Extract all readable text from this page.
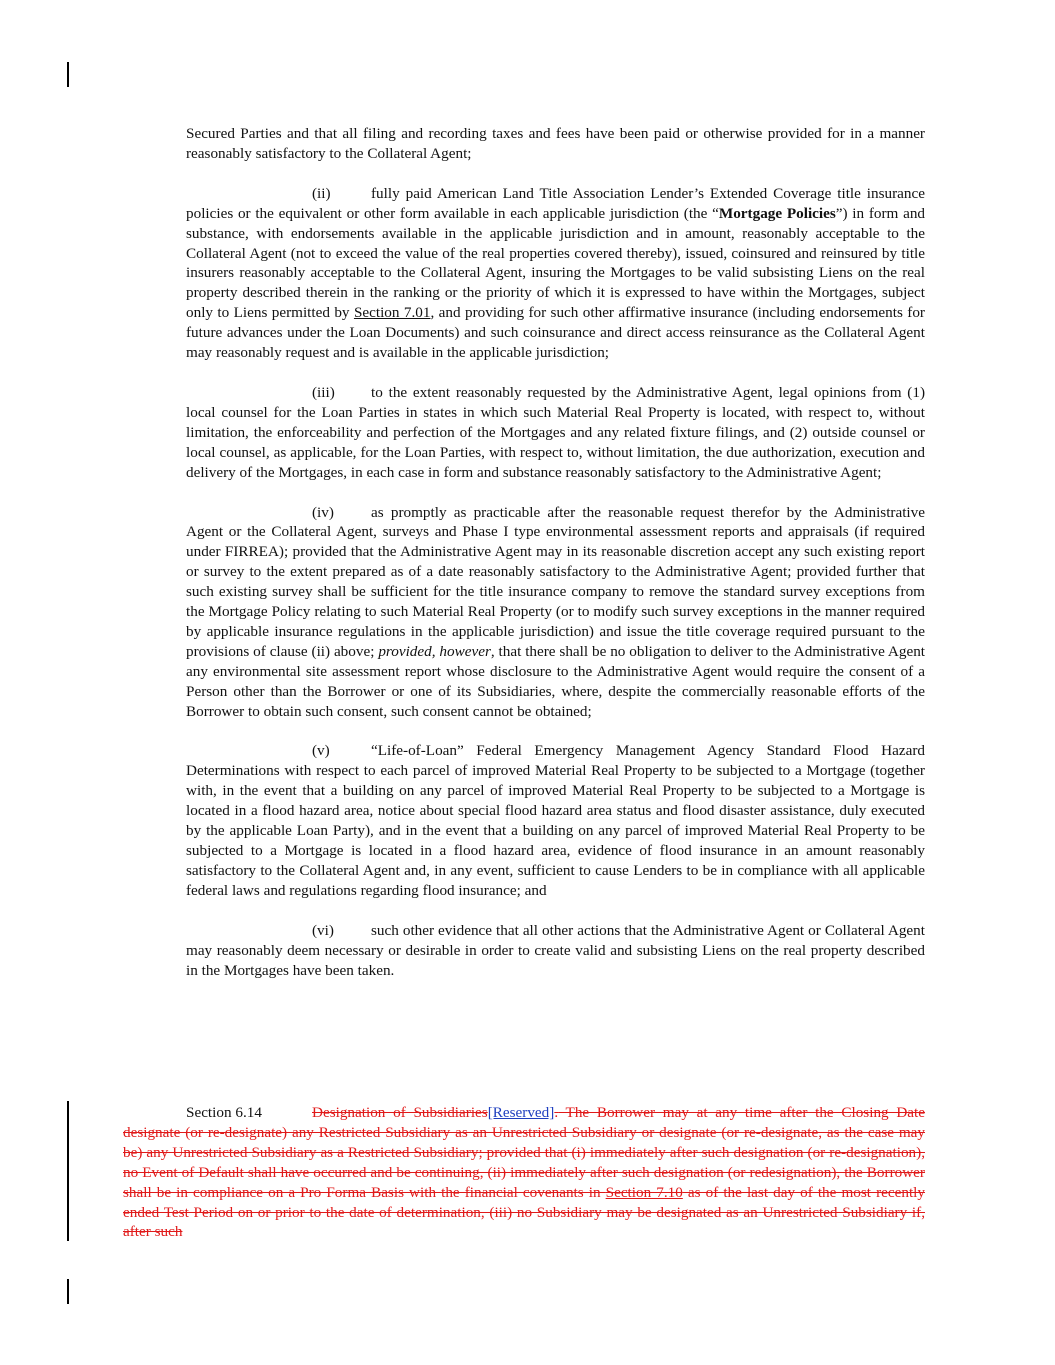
Secured Parties and that all filing and recording taxes and fees have been paid or otherwise provided for in a manner reasonably satisfactory to the Collateral Agent;

(ii)	fully paid American Land Title Association Lender’s Extended Coverage title insurance policies or the equivalent or other form available in each applicable jurisdiction (the “Mortgage Policies”) in form and substance, with endorsements available in the applicable jurisdiction and in amount, reasonably acceptable to the Collateral Agent (not to exceed the value of the real properties covered thereby), issued, coinsured and reinsured by title insurers reasonably acceptable to the Collateral Agent, insuring the Mortgages to be valid subsisting Liens on the real property described therein in the ranking or the priority of which it is expressed to have within the Mortgages, subject only to Liens permitted by Section 7.01, and providing for such other affirmative insurance (including endorsements for future advances under the Loan Documents) and such coinsurance and direct access reinsurance as the Collateral Agent may reasonably request and is available in the applicable jurisdiction;

(iii) to the extent reasonably requested by the Administrative Agent, legal opinions from (1) local counsel for the Loan Parties in states in which such Material Real Property is located, with respect to, without limitation, the enforceability and perfection of the Mortgages and any related fixture filings, and (2) outside counsel or local counsel, as applicable, for the Loan Parties, with respect to, without limitation, the due authorization, execution and delivery of the Mortgages, in each case in form and substance reasonably satisfactory to the Administrative Agent;

(iv) as promptly as practicable after the reasonable request therefor by the Administrative Agent or the Collateral Agent, surveys and Phase I type environmental assessment reports and appraisals (if required under FIRREA); provided that the Administrative Agent may in its reasonable discretion accept any such existing report or survey to the extent prepared as of a date reasonably satisfactory to the Administrative Agent; provided further that such existing survey shall be sufficient for the title insurance company to remove the standard survey exceptions from the Mortgage Policy relating to such Material Real Property (or to modify such survey exceptions in the manner required by applicable insurance regulations in the applicable jurisdiction) and issue the title coverage required pursuant to the provisions of clause (ii) above; provided, however, that there shall be no obligation to deliver to the Administrative Agent any environmental site assessment report whose disclosure to the Administrative Agent would require the consent of a Person other than the Borrower or one of its Subsidiaries, where, despite the commercially reasonable efforts of the Borrower to obtain such consent, such consent cannot be obtained;

(v)	“Life-of-Loan” Federal Emergency Management Agency Standard Flood Hazard Determinations with respect to each parcel of improved Material Real Property to be subjected to a Mortgage (together with, in the event that a building on any parcel of improved Material Real Property to be subjected to a Mortgage is located in a flood hazard area, notice about special flood hazard area status and flood disaster assistance, duly executed by the applicable Loan Party), and in the event that a building on any parcel of improved Material Real Property to be subjected to a Mortgage is located in a flood hazard area, evidence of flood insurance in an amount reasonably satisfactory to the Collateral Agent and, in any event, sufficient to cause Lenders to be in compliance with all applicable federal laws and regulations regarding flood insurance; and

(vi) such other evidence that all other actions that the Administrative Agent or Collateral Agent may reasonably deem necessary or desirable in order to create valid and subsisting Liens on the real property described in the Mortgages have been taken.

Section 6.14	Designation of Subsidiaries[Reserved]. The Borrower may at any time after the Closing Date designate (or re-designate) any Restricted Subsidiary as an Unrestricted Subsidiary or designate (or re-designate, as the case may be) any Unrestricted Subsidiary as a Restricted Subsidiary; provided that (i) immediately after such designation (or re-designation), no Event of Default shall have occurred and be continuing, (ii) immediately after such designation (or redesignation), the Borrower shall be in compliance on a Pro Forma Basis with the financial covenants in Section 7.10 as of the last day of the most recently ended Test Period on or prior to the date of determination, (iii) no Subsidiary may be designated as an Unrestricted Subsidiary if, after such
